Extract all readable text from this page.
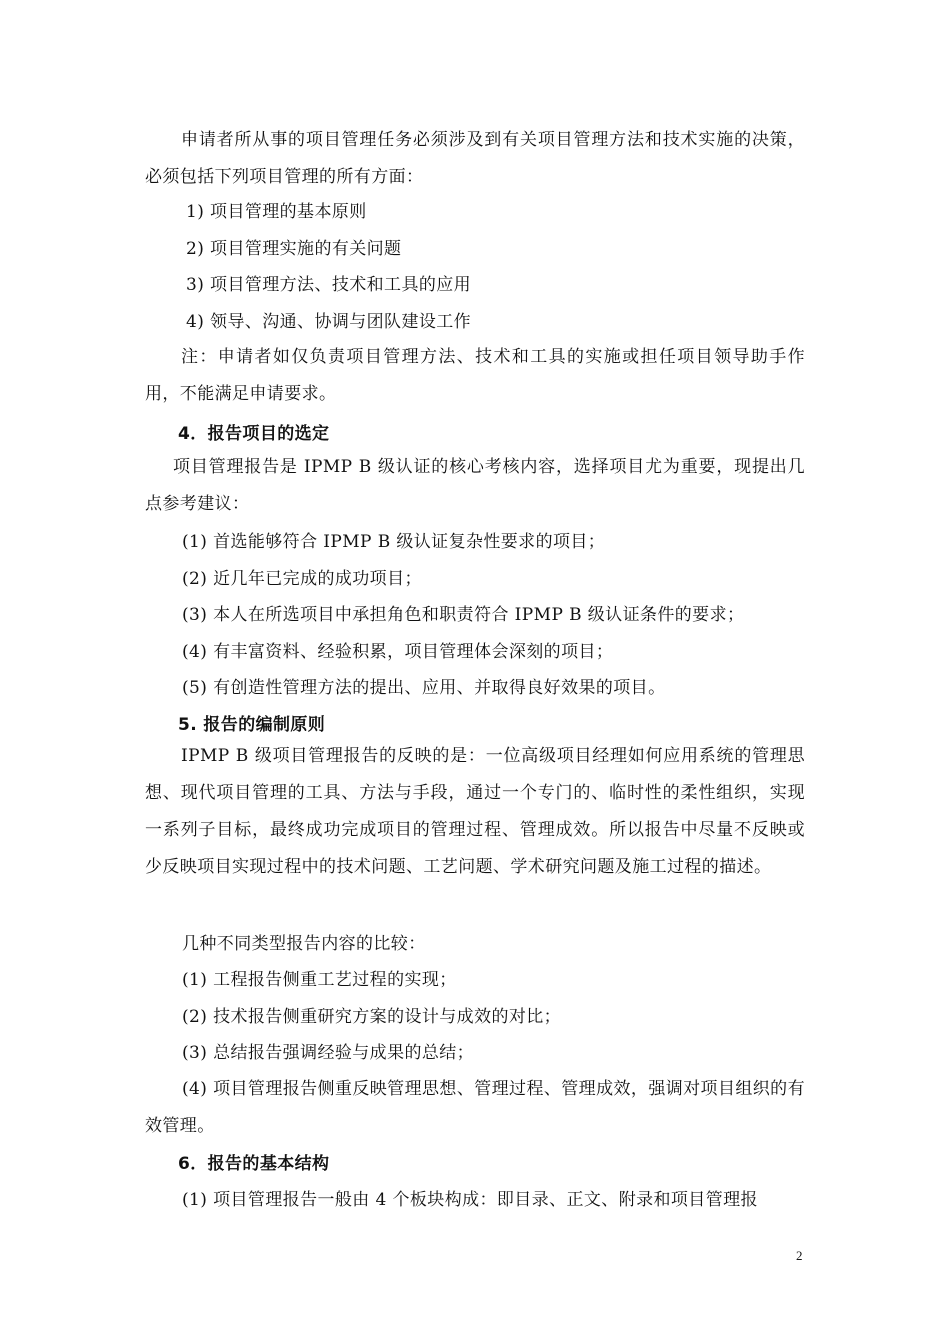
申请者所从事的项目管理任务必须涉及到有关项目管理方法和技术实施的决策，必须包括下列项目管理的所有方面：
1) 项目管理的基本原则
2) 项目管理实施的有关问题
3) 项目管理方法、技术和工具的应用
4) 领导、沟通、协调与团队建设工作
注：申请者如仅负责项目管理方法、技术和工具的实施或担任项目领导助手作用，不能满足申请要求。
4．报告项目的选定
项目管理报告是 IPMP B 级认证的核心考核内容，选择项目尤为重要，现提出几点参考建议：
(1) 首选能够符合 IPMP B 级认证复杂性要求的项目；
(2) 近几年已完成的成功项目；
(3) 本人在所选项目中承担角色和职责符合 IPMP B 级认证条件的要求；
(4) 有丰富资料、经验积累，项目管理体会深刻的项目；
(5) 有创造性管理方法的提出、应用、并取得良好效果的项目。
5. 报告的编制原则
IPMP B 级项目管理报告的反映的是：一位高级项目经理如何应用系统的管理思想、现代项目管理的工具、方法与手段，通过一个专门的、临时性的柔性组织，实现一系列子目标，最终成功完成项目的管理过程、管理成效。所以报告中尽量不反映或少反映项目实现过程中的技术问题、工艺问题、学术研究问题及施工过程的描述。
几种不同类型报告内容的比较：
(1) 工程报告侧重工艺过程的实现；
(2) 技术报告侧重研究方案的设计与成效的对比；
(3) 总结报告强调经验与成果的总结；
(4) 项目管理报告侧重反映管理思想、管理过程、管理成效，强调对项目组织的有效管理。
6．报告的基本结构
(1) 项目管理报告一般由 4 个板块构成：即目录、正文、附录和项目管理报
2
